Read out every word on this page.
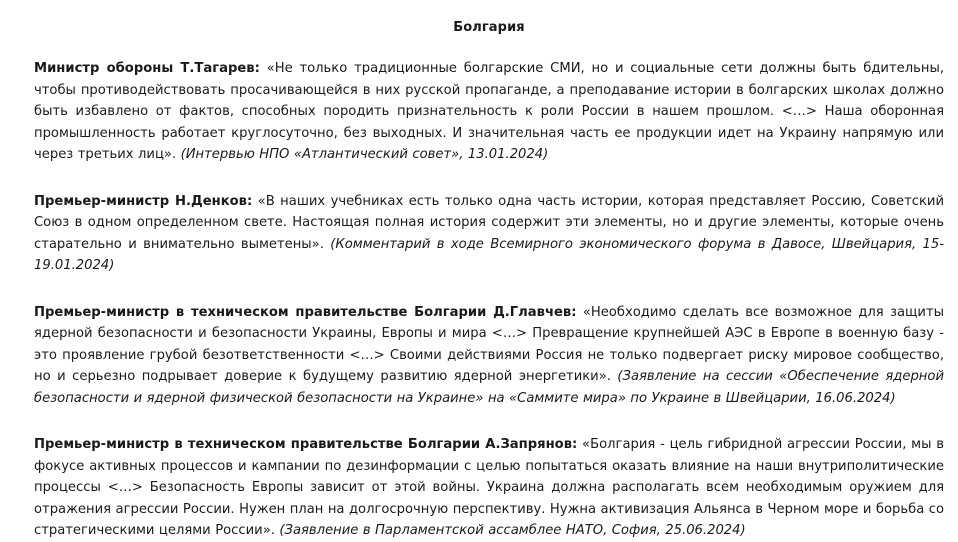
Болгария

Министр обороны Т.Тагарев: «Не только традиционные болгарские СМИ, но и социальные сети должны быть бдительны, чтобы противодействовать просачивающейся в них русской пропаганде, а преподавание истории в болгарских школах должно быть избавлено от фактов, способных породить признательность к роли России в нашем прошлом. <…> Наша оборонная промышленность работает круглосуточно, без выходных. И значительная часть ее продукции идет на Украину напрямую или через третьих лиц». (Интервью НПО «Атлантический совет», 13.01.2024)

Премьер-министр Н.Денков: «В наших учебниках есть только одна часть истории, которая представляет Россию, Советский Союз в одном определенном свете. Настоящая полная история содержит эти элементы, но и другие элементы, которые очень старательно и внимательно выметены». (Комментарий в ходе Всемирного экономического форума в Давосе, Швейцария, 15-19.01.2024)

Премьер-министр в техническом правительстве Болгарии Д.Главчев: «Необходимо сделать все возможное для защиты ядерной безопасности и безопасности Украины, Европы и мира <…> Превращение крупнейшей АЭС в Европе в военную базу - это проявление грубой безответственности <…> Своими действиями Россия не только подвергает риску мировое сообщество, но и серьезно подрывает доверие к будущему развитию ядерной энергетики». (Заявление на сессии «Обеспечение ядерной безопасности и ядерной физической безопасности на Украине» на «Саммите мира» по Украине в Швейцарии, 16.06.2024)

Премьер-министр в техническом правительстве Болгарии А.Запрянов: «Болгария - цель гибридной агрессии России, мы в фокусе активных процессов и кампании по дезинформации с целью попытаться оказать влияние на наши внутриполитические процессы <…> Безопасность Европы зависит от этой войны. Украина должна располагать всем необходимым оружием для отражения агрессии России. Нужен план на долгосрочную перспективу. Нужна активизация Альянса в Черном море и борьба со стратегическими целями России». (Заявление в Парламентской ассамблее НАТО, София, 25.06.2024)
